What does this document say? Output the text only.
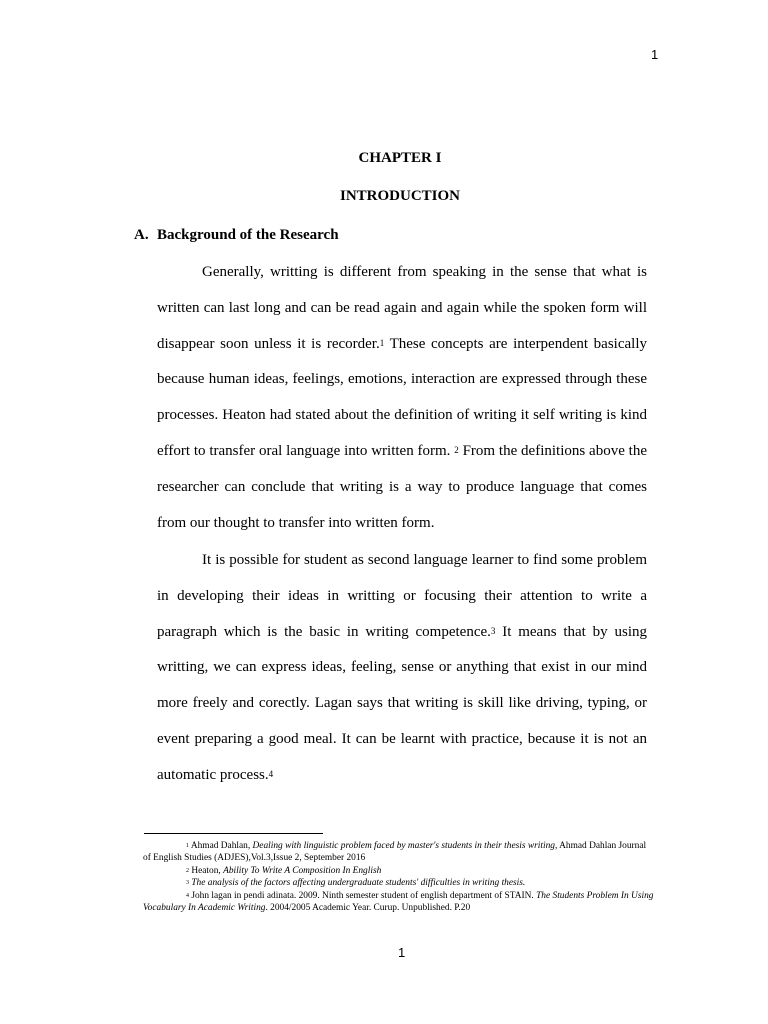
1
CHAPTER I
INTRODUCTION
A. Background of the Research
Generally, writting is different from speaking in the sense that what is written can last long and can be read again and again while the spoken form will disappear soon unless it is recorder.$^1$ These concepts are interpendent basically because human ideas, feelings, emotions, interaction are expressed through these processes. Heaton had stated about the definition of writing it self writing is kind effort to transfer oral language into written form. $^2$ From the definitions above the researcher can conclude that writing is a way to produce language that comes from our thought to transfer into written form.
It is possible for student as second language learner to find some problem in developing their ideas in writting or focusing their attention to write a paragraph which is the basic in writing competence.$^3$ It means that by using writting, we can express ideas, feeling, sense or anything that exist in our mind more freely and corectly. Lagan says that writing is skill like driving, typing, or event preparing a good meal. It can be learnt with practice, because it is not an automatic process.$^4$

$^1$ Ahmad Dahlan, Dealing with linguistic problem faced by master's students in their thesis writing, Ahmad Dahlan Journal of English Studies (ADJES),Vol.3,Issue 2, September 2016

$^2$ Heaton, Ability To Write A Composition In English

$^3$ The analysis of the factors affecting undergraduate students' difficulties in writing thesis.

$^4$ John lagan in pendi adinata. 2009. Ninth semester student of english department of STAIN. The Students Problem In Using Vocabulary In Academic Writing. 2004/2005 Academic Year. Curup. Unpublished. P.20

1
